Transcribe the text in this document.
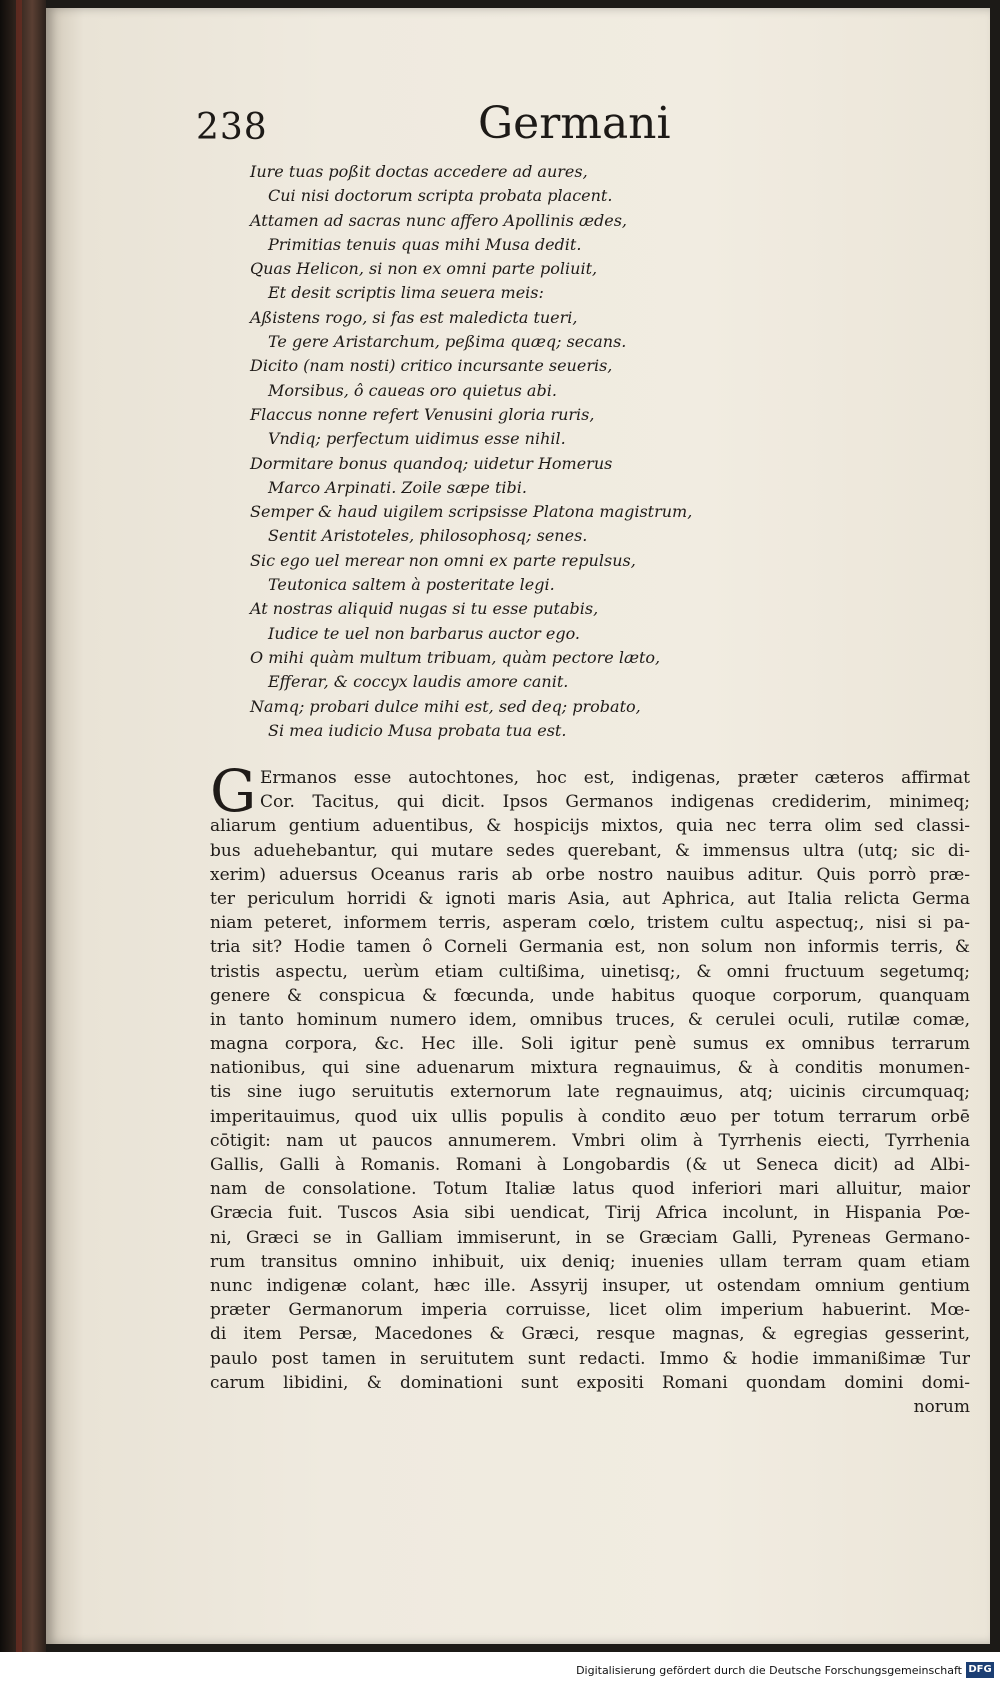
238	Germani
Iure tuas poßit doctas accedere ad aures,
Cui nisi doctorum scripta probata placent.
Attamen ad sacras nunc affero Apollinis ædes,
Primitias tenuis quas mihi Musa dedit.
Quas Helicon, si non ex omni parte poliuit,
Et desit scriptis lima seuera meis:
Aßistens rogo, si fas est maledicta tueri,
Te gere Aristarchum, peßima quæq; secans.
Dicito (nam nosti) critico incursante seueris,
Morsibus, ô caueas oro quietus abi.
Flaccus nonne refert Venusini gloria ruris,
Vndiq; perfectum uidimus esse nihil.
Dormitare bonus quandoq; uidetur Homerus
Marco Arpinati. Zoile sæpe tibi.
Semper & haud uigilem scripsisse Platona magistrum,
Sentit Aristoteles, philosophosq; senes.
Sic ego uel merear non omni ex parte repulsus,
Teutonica saltem à posteritate legi.
At nostras aliquid nugas si tu esse putabis,
Iudice te uel non barbarus auctor ego.
O mihi quàm multum tribuam, quàm pectore læto,
Efferar, & coccyx laudis amore canit.
Namq; probari dulce mihi est, sed deq; probato,
Si mea iudicio Musa probata tua est.
G Ermanos esse autochtones, hoc est, indigenas, præter cæteros affirmat
Cor. Tacitus, qui dicit. Ipsos Germanos indigenas crediderim, minimeq;
aliarum gentium aduentibus, & hospicijs mixtos, quia nec terra olim sed classi-
bus aduehebantur, qui mutare sedes querebant, & immensus ultra (utq; sic di-
xerim) aduersus Oceanus raris ab orbe nostro nauibus aditur. Quis porrò præ-
ter periculum horridi & ignoti maris Asia, aut Aphrica, aut Italia relicta Germa
niam peteret, informem terris, asperam cœlo, tristem cultu aspectuq;, nisi si pa-
tria sit? Hodie tamen ô Corneli Germania est, non solum non informis terris, &
tristis aspectu, uerùm etiam cultißima, uinetisq;, & omni fructuum segetumq;
genere & conspicua & fœcunda, unde habitus quoque corporum, quanquam
in tanto hominum numero idem, omnibus truces, & cerulei oculi, rutilæ comæ,
magna corpora, &c. Hec ille. Soli igitur penè sumus ex omnibus terrarum
nationibus, qui sine aduenarum mixtura regnauimus, & à conditis monumen-
tis sine iugo seruitutis externorum late regnauimus, atq; uicinis circumquaq;
imperitauimus, quod uix ullis populis à condito æuo per totum terrarum orbē
cōtigit: nam ut paucos annumerem. Vmbri olim à Tyrrhenis eiecti, Tyrrhenia
Gallis, Galli à Romanis. Romani à Longobardis (& ut Seneca dicit) ad Albi-
nam de consolatione. Totum Italiæ latus quod inferiori mari alluitur, maior
Græcia fuit. Tuscos Asia sibi uendicat, Tirij Africa incolunt, in Hispania Pœ-
ni, Græci se in Galliam immiserunt, in se Græciam Galli, Pyreneas Germano-
rum transitus omnino inhibuit, uix deniq; inuenies ullam terram quam etiam
nunc indigenæ colant, hæc ille. Assyrij insuper, ut ostendam omnium gentium
præter Germanorum imperia corruisse, licet olim imperium habuerint. Mœ-
di item Persæ, Macedones & Græci, resque magnas, & egregias gesserint,
paulo post tamen in seruitutem sunt redacti. Immo & hodie immanißimæ Tur
carum libidini, & dominationi sunt expositi Romani quondam domini domi-
norum
Digitalisierung gefördert durch die Deutsche Forschungsgemeinschaft DFG
